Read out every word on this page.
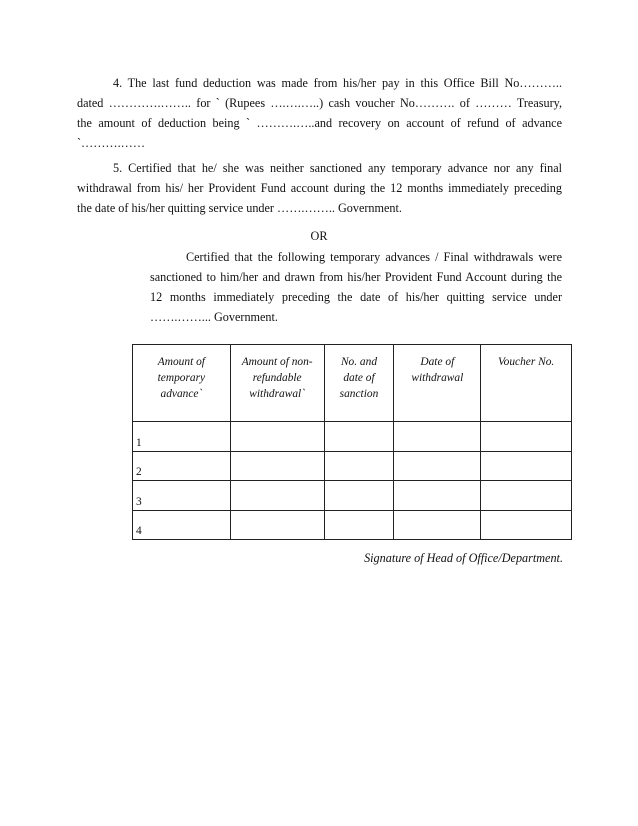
4. The last fund deduction was made from his/her pay in this Office Bill No………..
dated ………….…….. for ` (Rupees ….….…..) cash voucher No………. of ……… Treasury,
the amount of deduction being ` ……….…..and recovery on account of refund of advance
`……….……
5. Certified that he/ she was neither sanctioned any temporary advance nor any final
withdrawal from his/ her Provident Fund account during the 12 months immediately preceding
the date of his/her quitting service under …….…….. Government.
OR
Certified that the following temporary advances / Final withdrawals were
sanctioned to him/her and drawn from his/her Provident Fund Account during the
12 months immediately preceding the date of his/her quitting service under
…….……... Government.
Amount of
temporary
advance`	Amount of non-
refundable
withdrawal`	No. and
date of
sanction	Date of
withdrawal	Voucher No.

1				
2				
3				
4				
Signature of Head of Office/Department.
